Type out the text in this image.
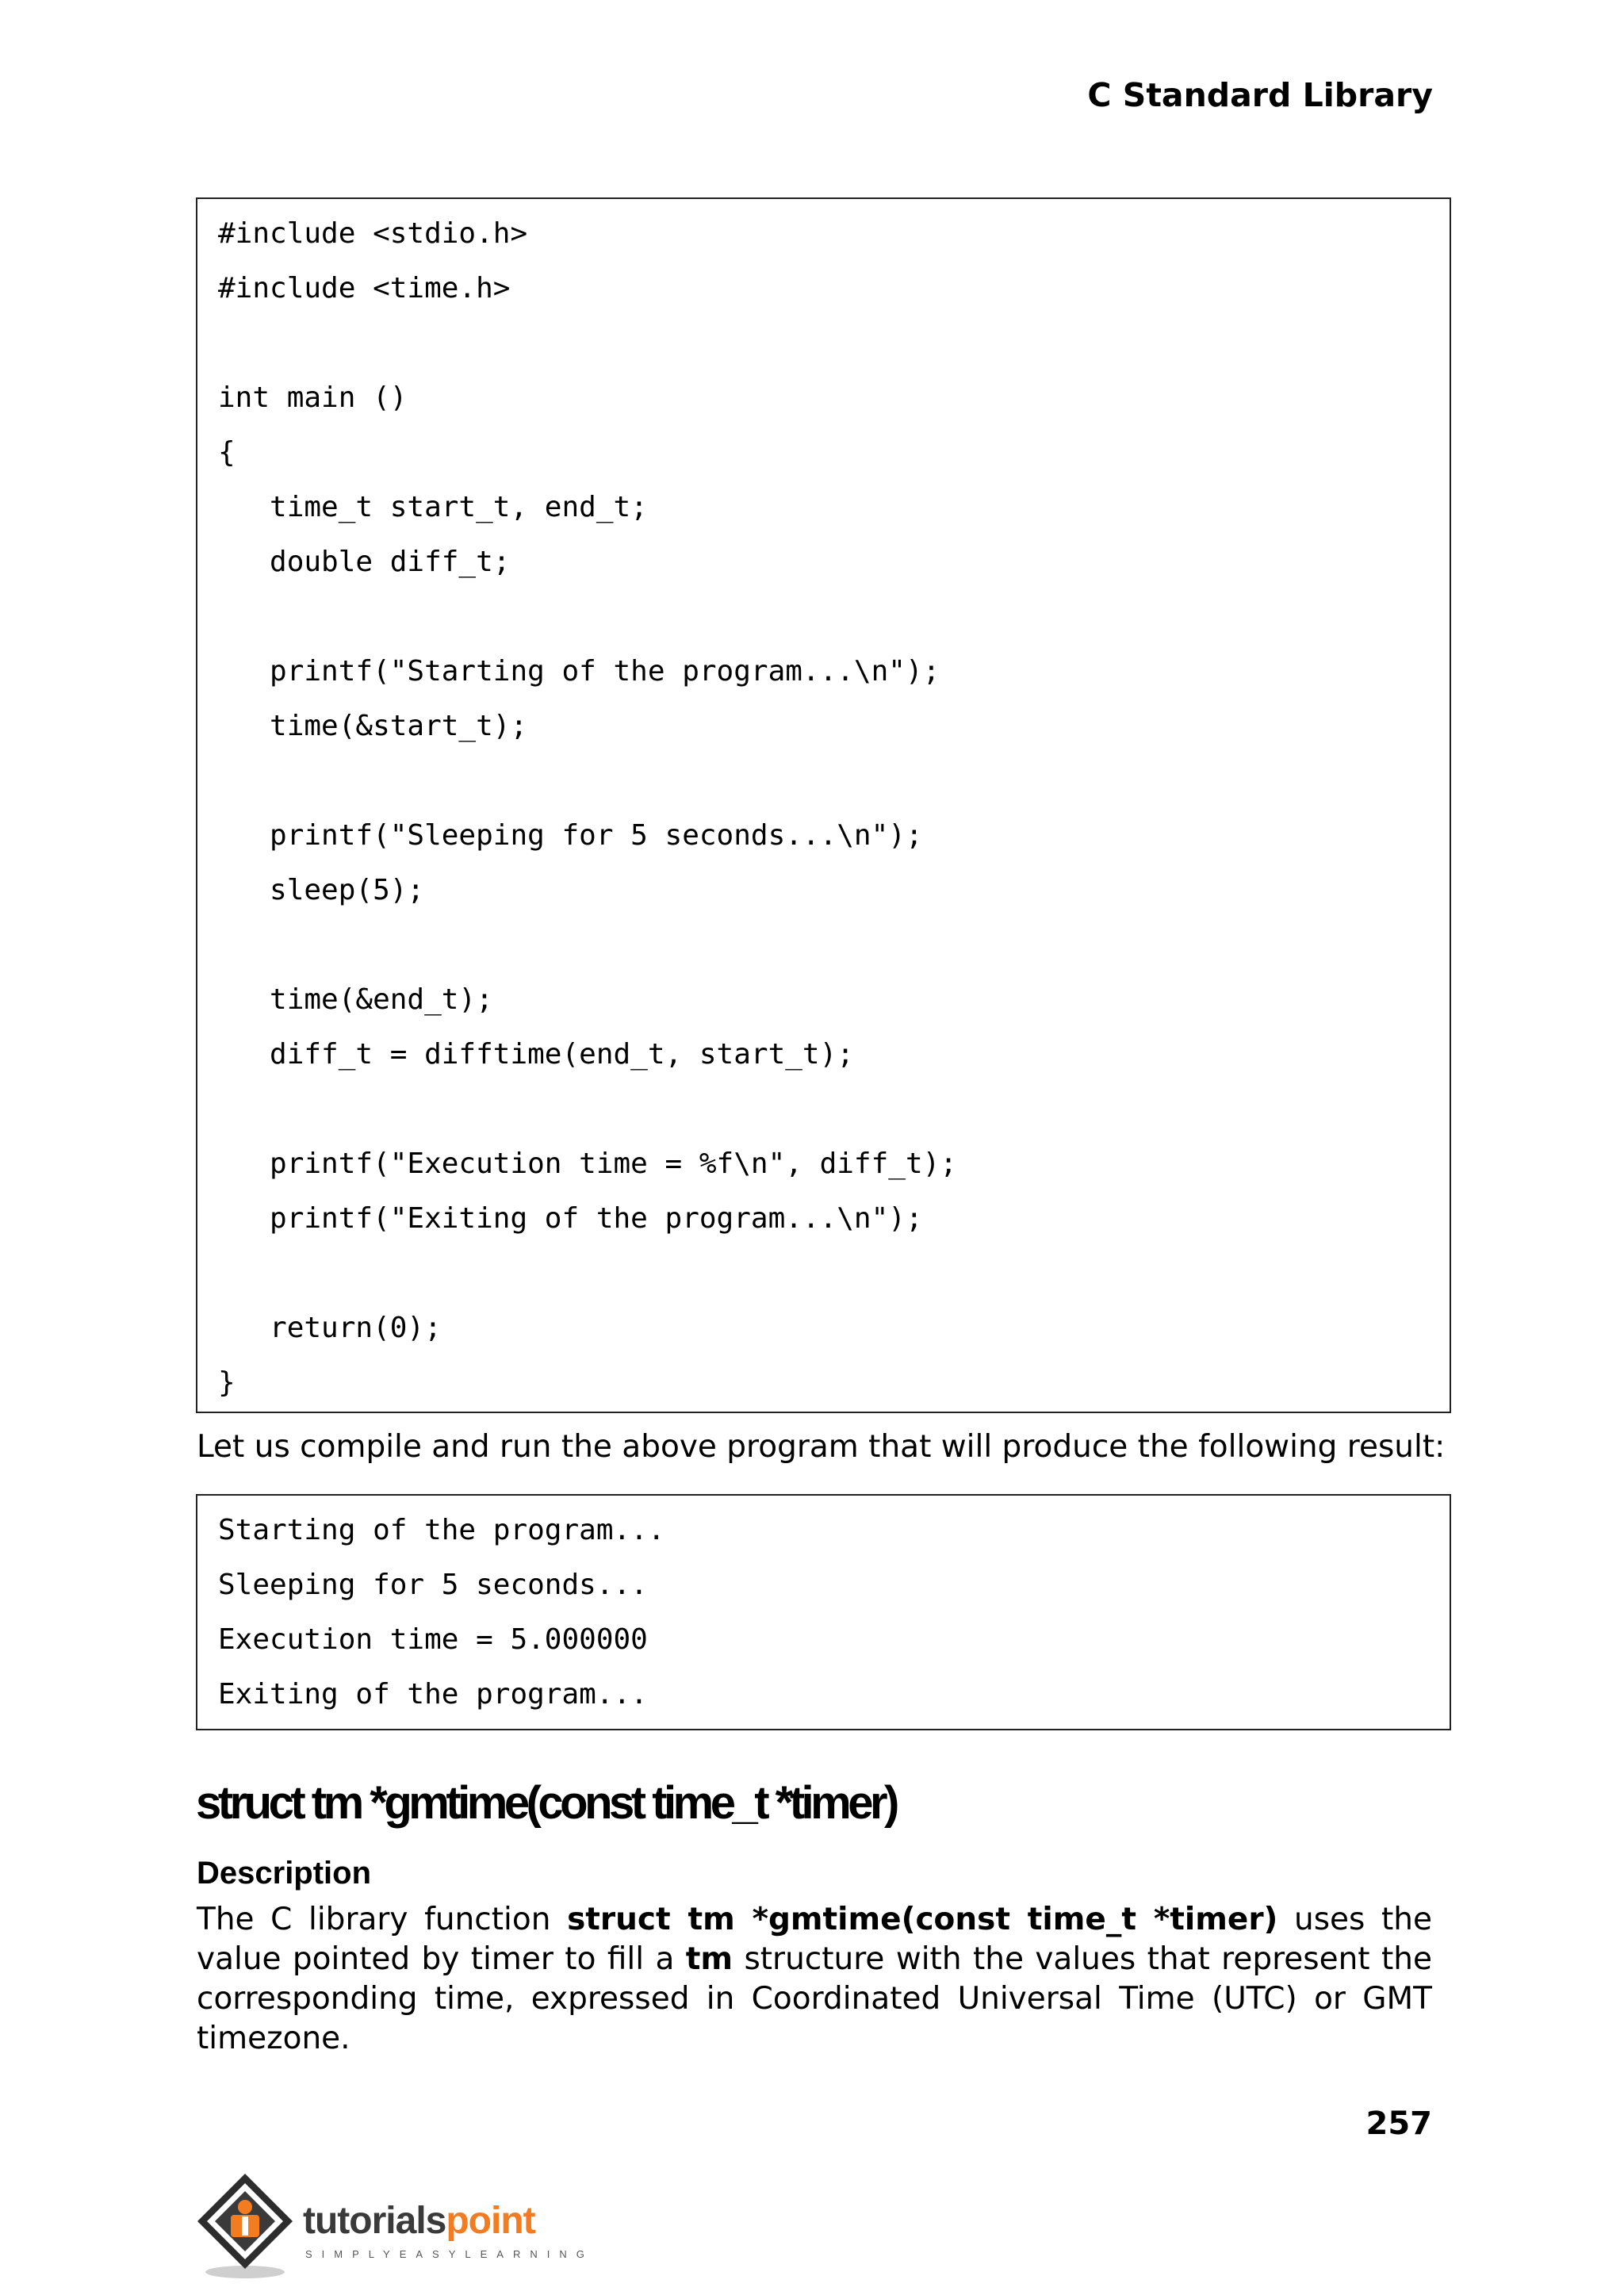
C Standard Library
#include <stdio.h>
#include <time.h>
int main ()
{
time_t start_t, end_t;
double diff_t;
printf("Starting of the program...\n");
time(&start_t);
printf("Sleeping for 5 seconds...\n");
sleep(5);
time(&end_t);
diff_t = difftime(end_t, start_t);
printf("Execution time = %f\n", diff_t);
printf("Exiting of the program...\n");
return(0);
}
Let us compile and run the above program that will produce the following result:
Starting of the program...
Sleeping for 5 seconds...
Execution time = 5.000000
Exiting of the program...
struct tm *gmtime(const time_t *timer)
Description
The C library function struct tm *gmtime(const time_t *timer) uses the value pointed by timer to fill a tm structure with the values that represent the corresponding time, expressed in Coordinated Universal Time (UTC) or GMT timezone.
257
tutorialspoint
SIMPLYEASYLEARNING
